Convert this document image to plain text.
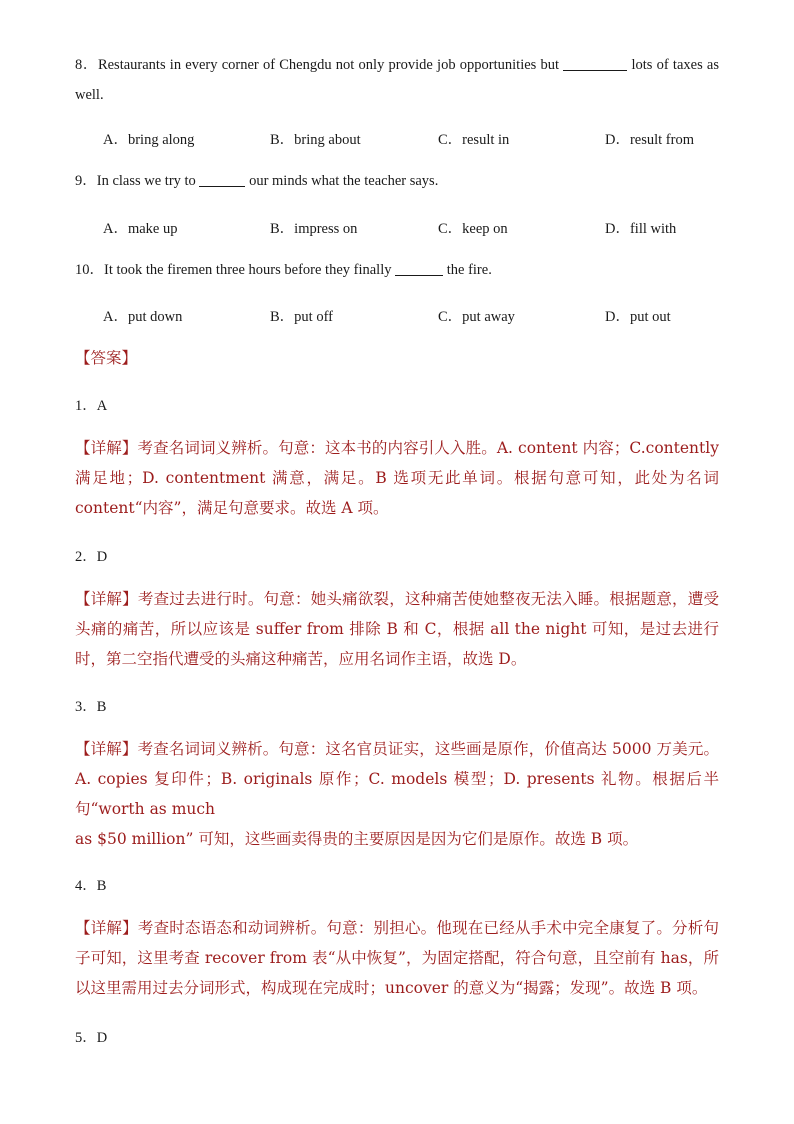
8．Restaurants in every corner of Chengdu not only provide job opportunities but	lots of taxes as well.
A．bring along	B．bring about	C．result in	D．result from
9．In class we try to	our minds what the teacher says.
A．make up	B．impress on	C．keep on	D．fill with
10．It took the firemen three hours before they finally	the fire.
A．put down	B．put off	C．put away	D．put out
【答案】
1．A
【详解】考查名词词义辨析。句意：这本书的内容引人入胜。A. content 内容；C.contently 满足地；D. contentment 满意，满足。B 选项无此单词。根据句意可知，此处为名词 content“内容”，满足句意要求。故选 A 项。
2．D
【详解】考查过去进行时。句意：她头痛欲裂，这种痛苦使她整夜无法入睡。根据题意，遭受头痛的痛苦，所以应该是 suffer from 排除 B 和 C，根据 all the night 可知，是过去进行时，第二空指代遭受的头痛这种痛苦，应用名词作主语，故选 D。
3．B
【详解】考查名词词义辨析。句意：这名官员证实，这些画是原作，价值高达 5000 万美元。A. copies 复印件；B. originals 原作；C. models 模型；D. presents 礼物。根据后半句“worth as much
as $50 million” 可知，这些画卖得贵的主要原因是因为它们是原作。故选 B 项。
4．B
【详解】考查时态语态和动词辨析。句意：别担心。他现在已经从手术中完全康复了。分析句子可知，这里考查 recover from 表“从中恢复”，为固定搭配，符合句意，且空前有 has，所以这里需用过去分词形式，构成现在完成时；uncover 的意义为“揭露；发现”。故选 B 项。
5．D
